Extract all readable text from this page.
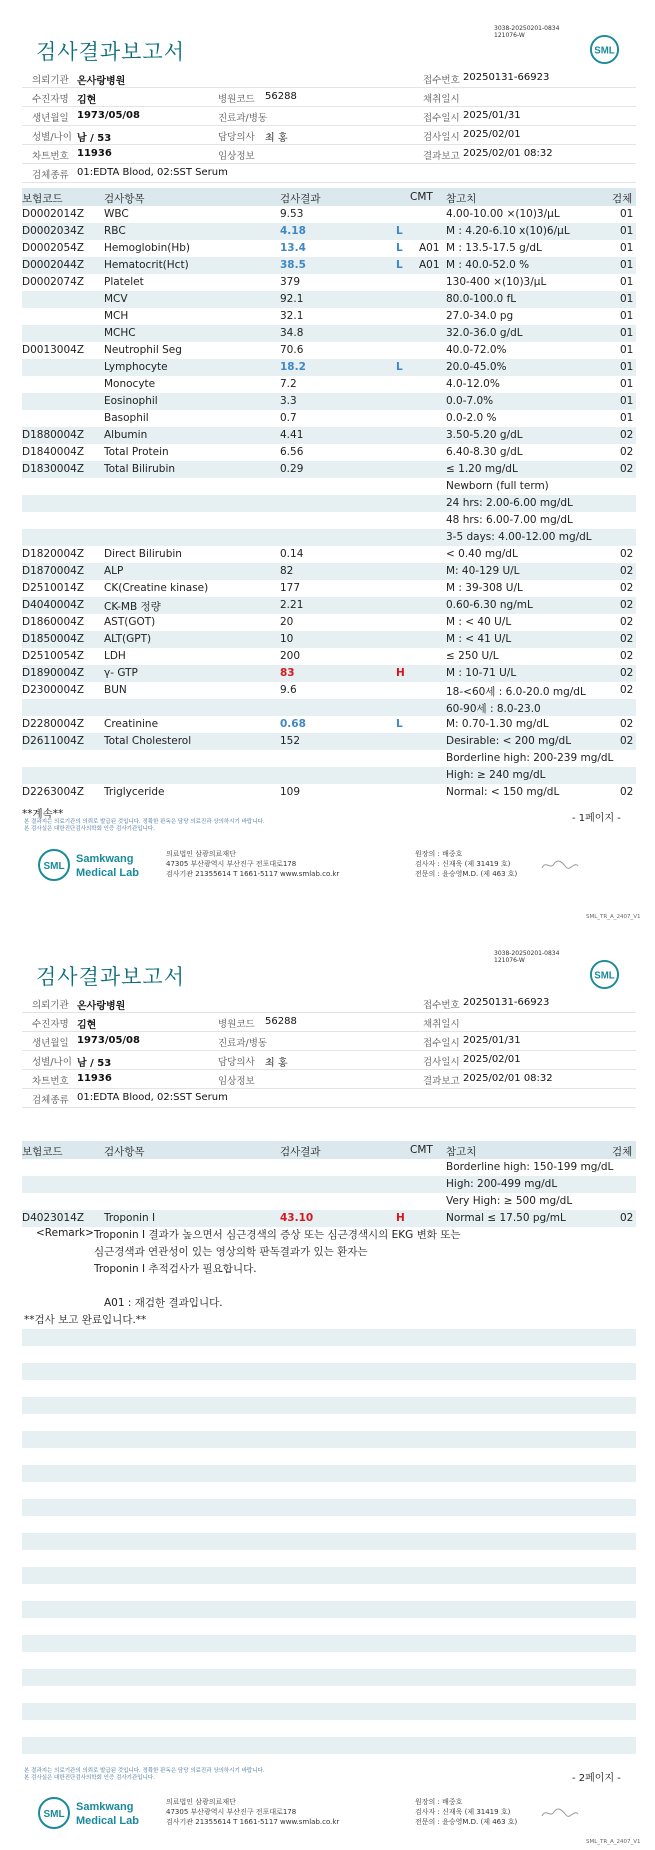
검사결과보고서
3038-20250201-0834
121076-W
SML
의뢰기관 온사랑병원	접수번호 20250131-66923
수진자명 김현	병원코드 56288	채취일시
생년월일 1973/05/08	진료과/병동	접수일시 2025/01/31
성별/나이 남 / 53	담당의사 최 홍	검사일시 2025/02/01
차트번호 11936	임상정보	결과보고 2025/02/01 08:32
검체종류 01:EDTA Blood, 02:SST Serum
보험코드	검사항목	검사결과	CMT 참고치	검체
D0002014Z WBC	9.53	4.00-10.00 ×(10)3/μL	01
D0002034Z RBC	4.18	L	M : 4.20-6.10 x(10)6/μL	01
D0002054Z Hemoglobin(Hb)	13.4	L A01 M : 13.5-17.5 g/dL	01
D0002044Z Hematocrit(Hct)	38.5	L A01 M : 40.0-52.0 %	01
D0002074Z Platelet	379	130-400 ×(10)3/μL	01
MCV	92.1	80.0-100.0 fL	01
MCH	32.1	27.0-34.0 pg	01
MCHC	34.8	32.0-36.0 g/dL	01
D0013004Z Neutrophil Seg	70.6	40.0-72.0%	01
Lymphocyte	18.2	L	20.0-45.0%	01
Monocyte	7.2	4.0-12.0%	01
Eosinophil	3.3	0.0-7.0%	01
Basophil	0.7	0.0-2.0 %	01
D1880004Z Albumin	4.41	3.50-5.20 g/dL	02
D1840004Z Total Protein	6.56	6.40-8.30 g/dL	02
D1830004Z Total Bilirubin	0.29	≤ 1.20 mg/dL	02
Newborn (full term)
24 hrs: 2.00-6.00 mg/dL
48 hrs: 6.00-7.00 mg/dL
3-5 days: 4.00-12.00 mg/dL
D1820004Z Direct Bilirubin	0.14	< 0.40 mg/dL	02
D1870004Z ALP	82	M: 40-129 U/L	02
D2510014Z CK(Creatine kinase)	177	M : 39-308 U/L	02
D4040004Z CK-MB 정량	2.21	0.60-6.30 ng/mL	02
D1860004Z AST(GOT)	20	M : < 40 U/L	02
D1850004Z ALT(GPT)	10	M : < 41 U/L	02
D2510054Z LDH	200	≤ 250 U/L	02
D1890004Z γ- GTP	83	H	M : 10-71 U/L	02
D2300004Z BUN	9.6	18-<60세 : 6.0-20.0 mg/dL	02
60-90세 : 8.0-23.0
D2280004Z Creatinine	0.68	L	M: 0.70-1.30 mg/dL	02
D2611004Z Total Cholesterol	152	Desirable: < 200 mg/dL	02
Borderline high: 200-239 mg/dL
High: ≥ 240 mg/dL
D2263004Z Triglyceride	109	Normal: < 150 mg/dL	02
**계속**	- 1페이지 -
본 결과지는 의료기관의 의뢰로 발급된 것입니다. 정확한 판독은 담당 의료진과 상의하시기 바랍니다.
본 검사실은 대한진단검사의학회 인증 검사기관입니다.
SML
Samkwang
Medical Lab
의료법인 삼광의료재단
47305 부산광역시 부산진구 전포대로178
검사기관 21355614 T 1661-5117 www.smlab.co.kr
원장의 : 배중호
검사자 : 신재욱 (제 31419 호)
전문의 : 윤승영M.D. (제 463 호)
SML_TR_A_2407_V1
검사결과보고서
3038-20250201-0834
121076-W
SML
의뢰기관 온사랑병원	접수번호 20250131-66923
수진자명 김현	병원코드 56288	채취일시
생년월일 1973/05/08	진료과/병동	접수일시 2025/01/31
성별/나이 남 / 53	담당의사 최 홍	검사일시 2025/02/01
차트번호 11936	임상정보	결과보고 2025/02/01 08:32
검체종류 01:EDTA Blood, 02:SST Serum
보험코드	검사항목	검사결과	CMT 참고치	검체
Borderline high: 150-199 mg/dL
High: 200-499 mg/dL
Very High: ≥ 500 mg/dL
D4023014Z Troponin I	43.10	H	Normal ≤ 17.50 pg/mL	02
<Remark> Troponin I 결과가 높으면서 심근경색의 증상 또는 심근경색시의 EKG 변화 또는
심근경색과 연관성이 있는 영상의학 판독결과가 있는 환자는
Troponin I 추적검사가 필요합니다.
A01 : 재검한 결과입니다.
**검사 보고 완료입니다.**
- 2페이지 -
본 결과지는 의료기관의 의뢰로 발급된 것입니다. 정확한 판독은 담당 의료진과 상의하시기 바랍니다.
본 검사실은 대한진단검사의학회 인증 검사기관입니다.
SML
Samkwang
Medical Lab
의료법인 삼광의료재단
47305 부산광역시 부산진구 전포대로178
검사기관 21355614 T 1661-5117 www.smlab.co.kr
원장의 : 배중호
검사자 : 신재욱 (제 31419 호)
전문의 : 윤승영M.D. (제 463 호)
SML_TR_A_2407_V1
